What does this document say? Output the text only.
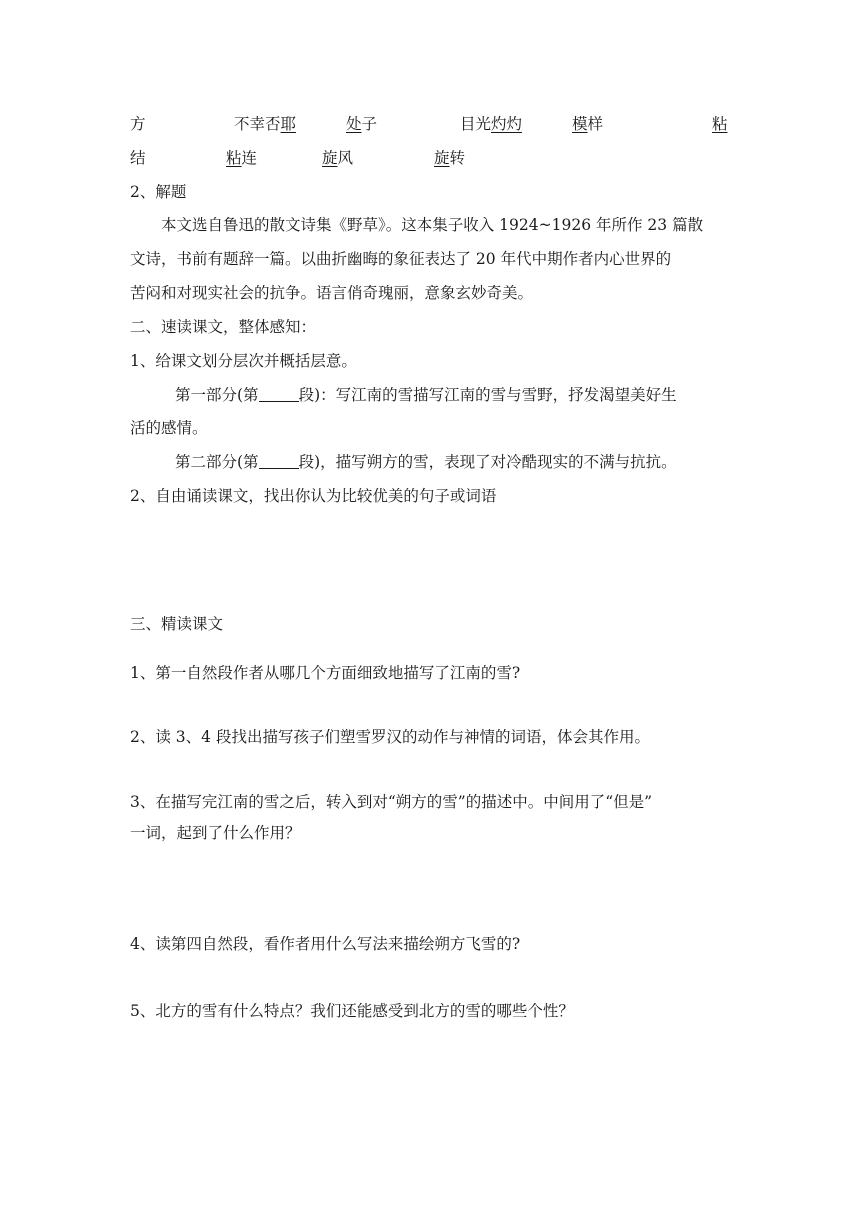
方	不幸否耶	处子	目光灼灼	模样	粘
结	粘连	旋风	旋转
2、解题
本文选自鲁迅的散文诗集《野草》。这本集子收入 1924~1926 年所作 23 篇散
文诗，书前有题辞一篇。以曲折幽晦的象征表达了 20 年代中期作者内心世界的
苦闷和对现实社会的抗争。语言俏奇瑰丽，意象玄妙奇美。
二、速读课文，整体感知：
1、给课文划分层次并概括层意。
第一部分(第	段)：写江南的雪描写江南的雪与雪野，抒发渴望美好生
活的感情。
第二部分(第	段)，描写朔方的雪，表现了对冷酷现实的不满与抗抗。
2、自由诵读课文，找出你认为比较优美的句子或词语
三、精读课文
1、第一自然段作者从哪几个方面细致地描写了江南的雪?
2、读 3、4 段找出描写孩子们塑雪罗汉的动作与神情的词语，体会其作用。
3、在描写完江南的雪之后，转入到对“朔方的雪”的描述中。中间用了“但是”
一词，起到了什么作用？
4、读第四自然段，看作者用什么写法来描绘朔方飞雪的?
5、北方的雪有什么特点？我们还能感受到北方的雪的哪些个性？
